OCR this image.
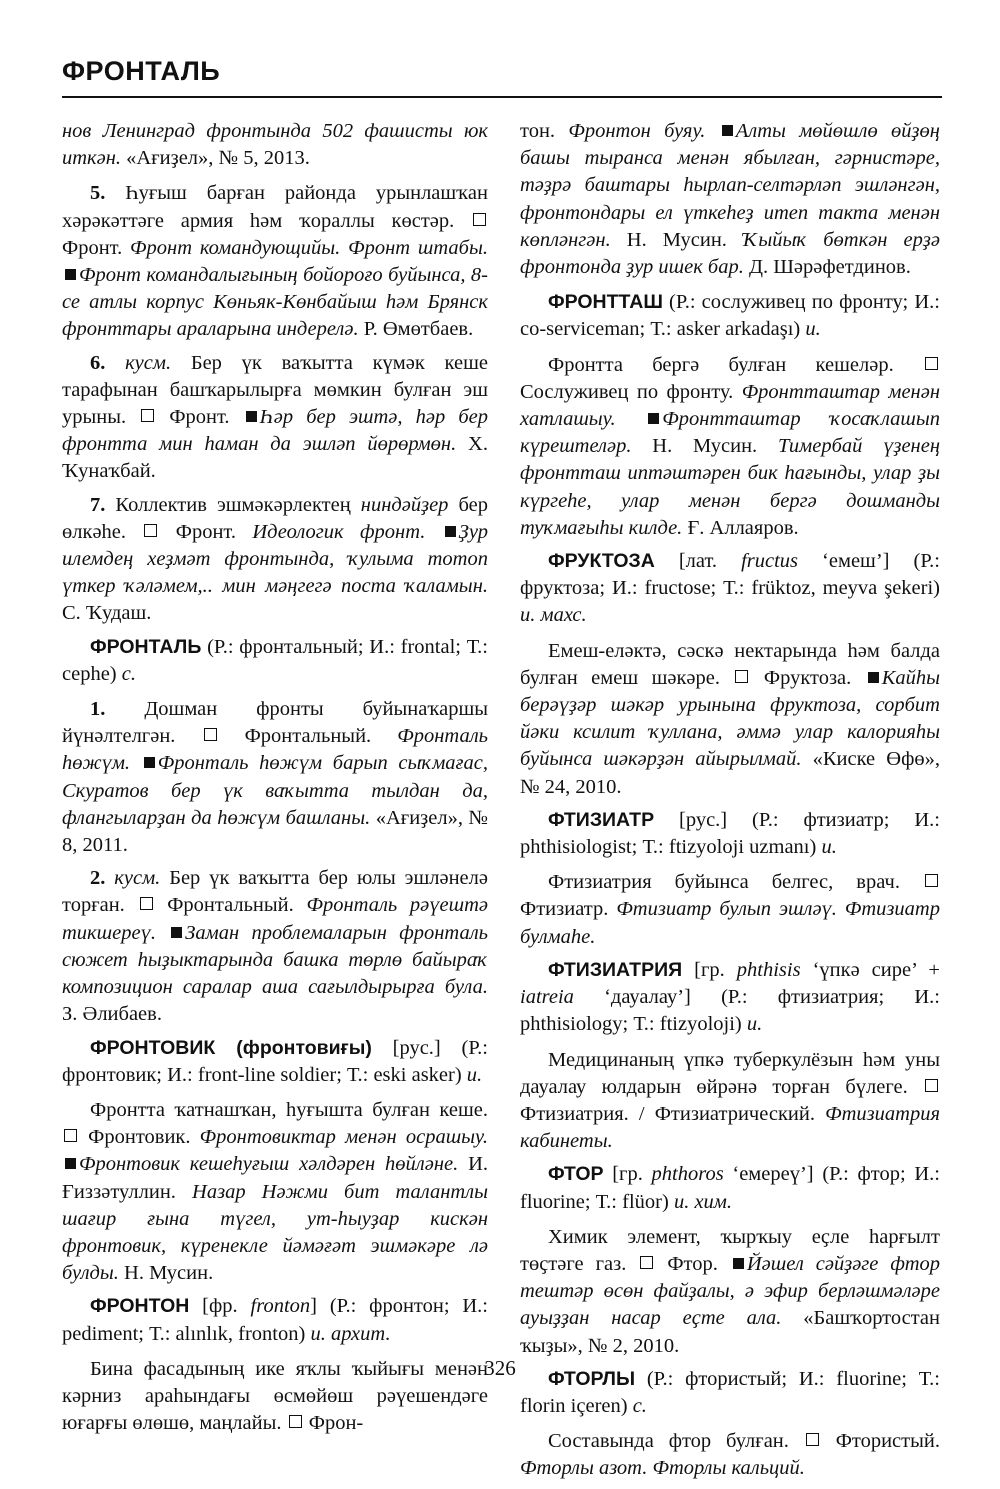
ФРОНТАЛЬ

нов Ленинград фронтында 502 фашисты юк иткән. «Ағиҙел», № 5, 2013.

5. Һуғыш барған районда урынлашҡан хәрәкәттәге армия һәм ҡораллы көстәр.  Фронт. Фронт командующийы. Фронт штабы. Фронт командалығының бойороғо буйынса, 8-се атлы корпус Көньяк-Көнбайыш һәм Брянск фронттары араларына индерелә. Р. Өмөтбаев.

6. кусм. Бер үк ваҡытта күмәк кеше тарафынан башҡарылырға мөмкин булған эш урыны.  Фронт. Һәр бер эштә, һәр бер фронтта мин һаман да эшләп йөрөрмөн. Х. Ҡунаҡбай.

7. Коллектив эшмәкәрлектең ниндәйҙер бер өлкәһе.  Фронт. Идеологик фронт. Ҙур илемдең хеҙмәт фронтында, ҡулыма тотоп үткер ҡәләмем,.. мин мәңгегә поста ҡаламын. С. Ҡудаш.

ФРОНТАЛЬ (Р.: фронтальный; И.: frontal; Т.: cephe) с.

1. Дошман фронты буйынаҡаршы йүнәлтелгән.  Фронтальный. Фронталь һөжүм. Фронталь һөжүм барып сыҡмағас, Скуратов бер үк ваҡытта тылдан да, флангыларҙан да һөжүм башланы. «Ағиҙел», № 8, 2011.

2. кусм. Бер үк ваҡытта бер юлы эшләнелә торған.  Фронтальный. Фронталь рәүештә тикшереү. Заман проблемаларын фронталь сюжет һыҙыктарында башка төрлө байыраҡ композицион саралар аша сағылдырырға була. З. Әлибаев.

ФРОНТОВИК (фронтовиғы) [рус.] (Р.: фронтовик; И.: front-line soldier; Т.: eski asker) и.

Фронтта ҡатнашҡан, һуғышта булған кеше.  Фронтовик. Фронтовиктар менән осрашыу. Фронтовик кешеһуғыш хәлдәрен һөйләне. И. Ғиззәтуллин. Назар Нәжми бит талантлы шағир ғына түгел, ут-һыуҙар кискән фронтовик, күренекле йәмәғәт эшмәкәре лә булды. Н. Мусин.

ФРОНТОН [фр. fronton] (Р.: фронтон; И.: pediment; Т.: alınlık, fronton) и. архит.

Бина фасадының ике яҡлы ҡыйығы менән кәрниз араһындағы өсмөйөш рәүешендәге юғарғы өлөшө, маңлайы.  Фрон-

тон. Фронтон буяу. Алты мөйөшлө өйҙөң башы тыранса менән ябылған, гәрнистәре, тәҙрә баштары һырлап-селтәрләп эшләнгән, фронтондары ел үткеһеҙ итеп такта менән көпләнгән. Н. Мусин. Ҡыйыҡ бөткән ерҙә фронтонда ҙур ишек бар. Д. Шәрәфетдинов.

ФРОНТТАШ (Р.: сослуживец по фронту; И.: co-serviceman; Т.: asker arkadaşı) и.

Фронтта бергә булған кешеләр.  Сослуживец по фронту. Фронтташтар менән хатлашыу. Фронтташтар ҡосаҡлашып күрештеләр. Н. Мусин. Тимербай үҙенең фронтташ иптәштәрен бик һағынды, улар ҙы күргеһе, улар менән бергә дошманды туҡмағыһы килде. Ғ. Аллаяров.

ФРУКТОЗА [лат. fructus ‘емеш’] (Р.: фруктоза; И.: fructose; Т.: früktoz, meyva şekeri) и. махс.

Емеш-еләктә, сәскә нектарында һәм балда булған емеш шәкәре.  Фруктоза. Кайһы берәүҙәр шәкәр урынына фруктоза, сорбит йәки ксилит ҡуллана, әммә улар калорияһы буйынса шәкәрҙән айырылмай. «Киске Өфө», № 24, 2010.

ФТИЗИАТР [рус.] (Р.: фтизиатр; И.: phthisiologist; Т.: ftizyoloji uzmanı) и.

Фтизиатрия буйынса белгес, врач.  Фтизиатр. Фтизиатр булып эшләү. Фтизиатр булмаһе.

ФТИЗИАТРИЯ [гр. phthisis ‘үпкә сире’ + iatreia ‘дауалау’] (Р.: фтизиатрия; И.: phthisiology; Т.: ftizyoloji) и.

Медицинаның үпкә туберкулёзын һәм уны дауалау юлдарын өйрәнә торған бүлеге.  Фтизиатрия. / Фтизиатрический. Фтизиатрия кабинеты.

ФТОР [гр. phthoros ‘емереү’] (Р.: фтор; И.: fluorine; Т.: flüor) и. хим.

Химик элемент, ҡырҡыу еҫле һарғылт төҫтәге газ.  Фтор. Йәшел сәйҙәге фтор тештәр өсөн файҙалы, ә эфир берләшмәләре ауыҙҙан насар еҫте ала. «Башҡортостан ҡыҙы», № 2, 2010.

ФТОРЛЫ (Р.: фтористый; И.: fluorine; Т.: florin içeren) с.

Составында фтор булған.  Фтористый. Фторлы азот. Фторлы кальций.

326
